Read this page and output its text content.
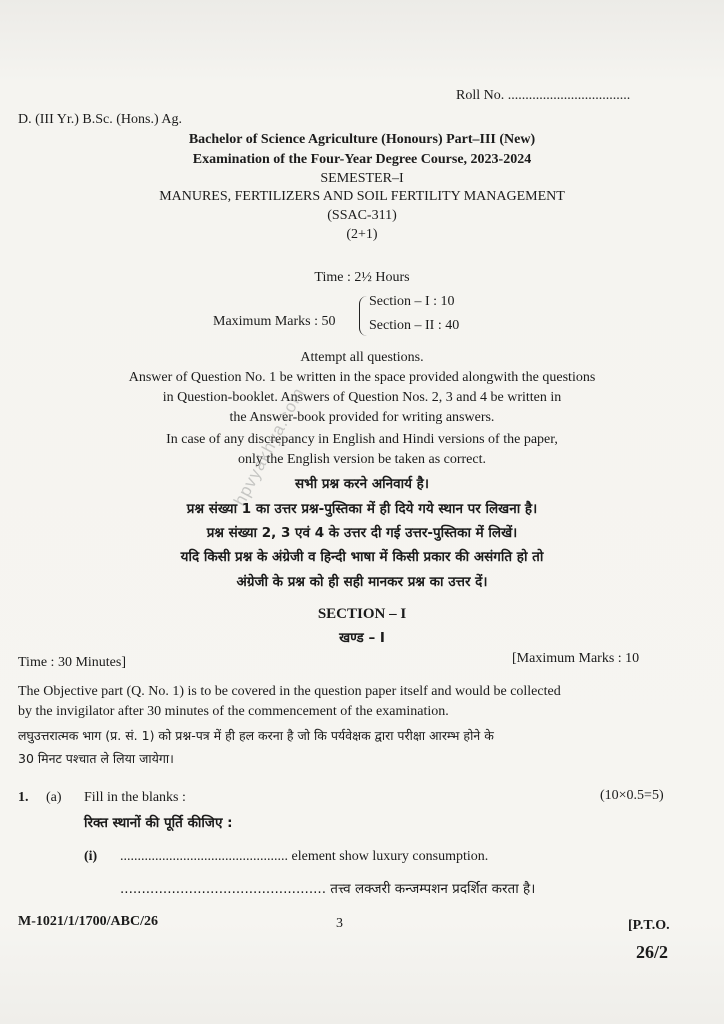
Roll No. ...................................
D. (III Yr.) B.Sc. (Hons.) Ag.
Bachelor of Science Agriculture (Honours) Part–III (New)
Examination of the Four-Year Degree Course, 2023-2024
SEMESTER–I
MANURES, FERTILIZERS AND SOIL FERTILITY MANAGEMENT
(SSAC-311)
(2+1)
Time : 2½ Hours
Maximum Marks : 50
Section – I : 10
Section – II : 40
Attempt all questions.
Answer of Question No. 1 be written in the space provided alongwith the questions
in Question-booklet. Answers of Question Nos. 2, 3 and 4 be written in
the Answer-book provided for writing answers.
In case of any discrepancy in English and Hindi versions of the paper,
only the English version be taken as correct.
सभी प्रश्न करने अनिवार्य है।
प्रश्न संख्या 1 का उत्तर प्रश्न-पुस्तिका में ही दिये गये स्थान पर लिखना है।
प्रश्न संख्या 2, 3 एवं 4 के उत्तर दी गई उत्तर-पुस्तिका में लिखें।
यदि किसी प्रश्न के अंग्रेजी व हिन्दी भाषा में किसी प्रकार की असंगति हो तो
अंग्रेजी के प्रश्न को ही सही मानकर प्रश्न का उत्तर दें।
SECTION – I
खण्ड – I
Time : 30 Minutes]	[Maximum Marks : 10
The Objective part (Q. No. 1) is to be covered in the question paper itself and would be collected
by the invigilator after 30 minutes of the commencement of the examination.
लघुउत्तरात्मक भाग (प्र. सं. 1) को प्रश्न-पत्र में ही हल करना है जो कि पर्यवेक्षक द्वारा परीक्षा आरम्भ होने के
30 मिनट पश्चात ले लिया जायेगा।
1. (a) Fill in the blanks :	(10×0.5=5)
रिक्त स्थानों की पूर्ति कीजिए :
(i) ................................................ element show luxury consumption.
................................................ तत्त्व लक्जरी कन्जम्पशन प्रदर्शित करता है।
M-1021/1/1700/ABC/26	3	[P.T.O.
26/2
hpvyakhya.com
